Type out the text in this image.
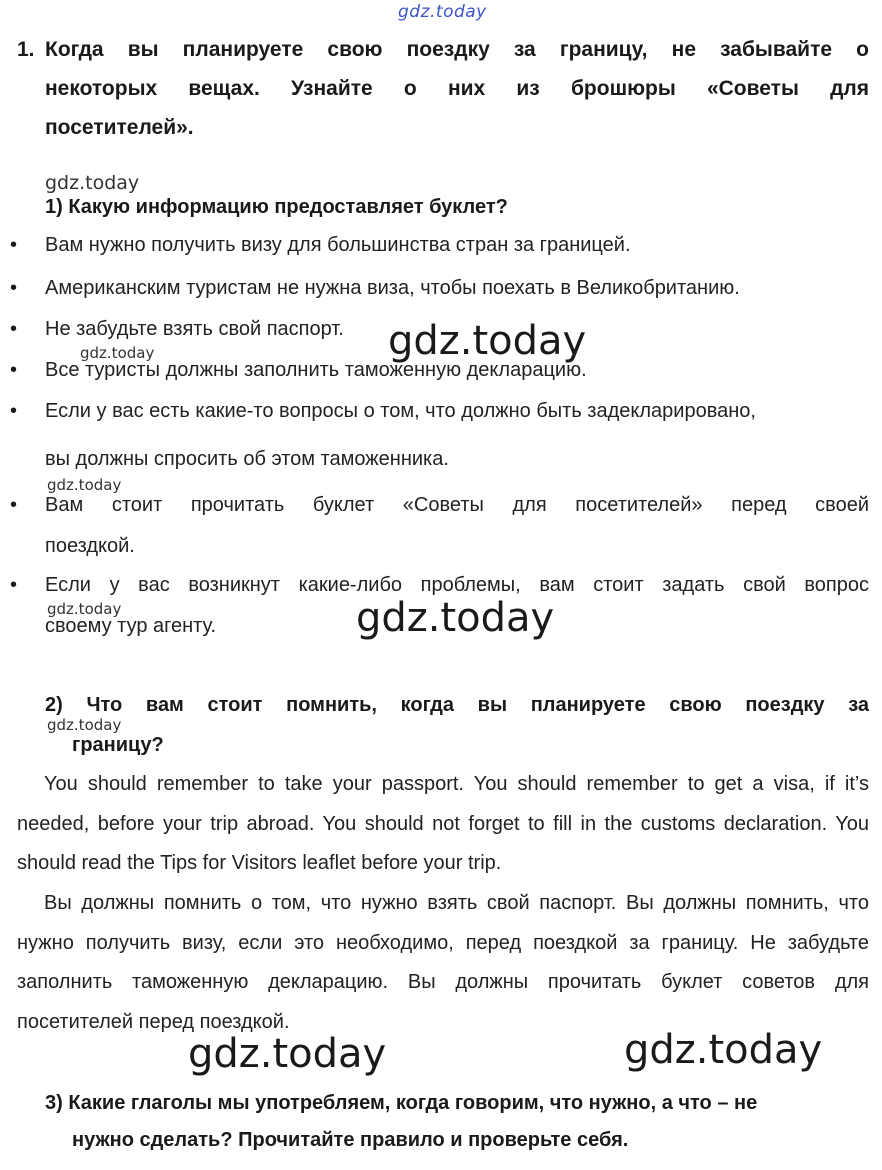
gdz.today
1. Когда вы планируете свою поездку за границу, не забывайте о
некоторых вещах. Узнайте о них из брошюры «Советы для
посетителей».
gdz.today
1) Какую информацию предоставляет буклет?
• Вам нужно получить визу для большинства стран за границей.
• Американским туристам не нужна виза, чтобы поехать в Великобританию.
• Не забудьте взять свой паспорт.
• Все туристы должны заполнить таможенную декларацию.
• Если у вас есть какие-то вопросы о том, что должно быть задекларировано,
вы должны спросить об этом таможенника.
• Вам стоит прочитать буклет «Советы для посетителей» перед своей
поездкой.
• Если у вас возникнут какие-либо проблемы, вам стоит задать свой вопрос
своему тур агенту.
gdz.today
gdz.today
gdz.today
gdz.today	gdz.today
2) Что вам стоит помнить, когда вы планируете свою поездку за
gdz.today
границу?
You should remember to take your passport. You should remember to get a visa, if it’s needed, before your trip abroad. You should not forget to fill in the customs declaration. You should read the Tips for Visitors leaflet before your trip.
Вы должны помнить о том, что нужно взять свой паспорт. Вы должны помнить, что нужно получить визу, если это необходимо, перед поездкой за границу. Не забудьте заполнить таможенную декларацию. Вы должны прочитать буклет советов для посетителей перед поездкой.
gdz.today	gdz.today
3) Какие глаголы мы употребляем, когда говорим, что нужно, а что – не
нужно сделать? Прочитайте правило и проверьте себя.
